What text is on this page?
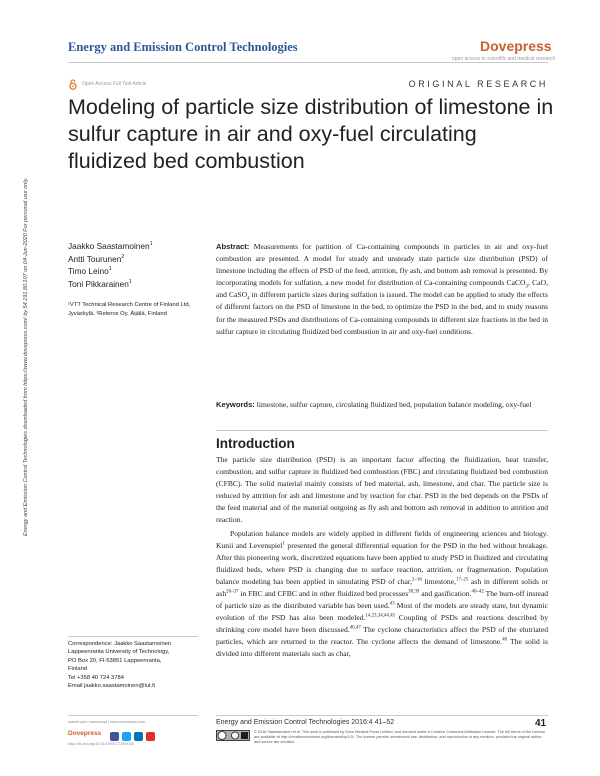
Energy and Emission Control Technologies	Dovepress
open access to scientific and medical research
Open Access Full Text Article	ORIGINAL RESEARCH
Modeling of particle size distribution of limestone in sulfur capture in air and oxy-fuel circulating fluidized bed combustion
Energy and Emission Control Technologies downloaded from https://www.dovepress.com/ by 54.191.80.107 on 04-Jun-2020 For personal use only.	Jaakko Saastamoinen$^1$
Antti Tourunen$^2$
Timo Leino$^1$
Toni Pikkarainen$^1$
¹VTT Technical Research Centre of Finland Ltd, Jyväskylä, ²Reteros Oy, Äijälä, Finland
Abstract: Measurements for partition of Ca-containing compounds in particles in air and oxy-fuel combustion are presented. A model for steady and unsteady state particle size distribution (PSD) of limestone including the effects of PSD of the feed, attrition, fly ash, and bottom ash removal is presented. By incorporating models for sulfation, a new model for distribution of Ca-containing compounds CaCO$_3$, CaO, and CaSO$_4$ in different particle sizes during sulfation is issued. The model can be applied to study the effects of different factors on the PSD of limestone in the bed, to optimize the PSD in the bed, and to study reasons for the measured PSDs and distributions of Ca-containing compounds in different size fractions in the bed in sulfur capture in circulating fluidized bed combustion in air and oxy-fuel conditions.
Keywords: limestone, sulfur capture, circulating fluidized bed, population balance modeling, oxy-fuel
Introduction

The particle size distribution (PSD) is an important factor affecting the fluidization, heat transfer, combustion, and sulfur capture in fluidized bed combustion (FBC) and circulating fluidized bed combustion (CFBC). The solid material mainly consists of bed material, ash, limestone, and char. The particle size is reduced by attrition for ash and limestone and by reaction for char. PSD in the bed depends on the PSDs of the feed material and of the material outgoing as fly ash and bottom ash removal in addition to attrition and reaction.

Population balance models are widely applied in different fields of engineering sciences and biology. Kunii and Levenspiel$^1$ presented the general differential equation for the PSD in the bed without breakage. After this pioneering work, discretized equations have been applied to study PSD in fluidized and circulating fluidized beds, where PSD is changing due to surface reaction, attrition, or fragmentation. Population balance modeling has been applied in simulating PSD of char,$^{2-16}$ limestone,$^{17-25}$ ash in different solids or ash$^{26-37}$ in FBC and CFBC and in other fluidized bed processes$^{38,39}$ and gasification.$^{40-42}$ The burn-off instead of particle size as the distributed variable has been used.$^{43}$ Most of the models are steady state, but dynamic evolution of the PSD has also been modeled.$^{14,23,34,44,45}$ Coupling of PSDs and reactions described by shrinking core model have been discussed.$^{46,47}$ The cyclone characteristics affect the PSD of the elutriated particles, which are returned to the reactor. The cyclone affects the demand of limestone.$^{48}$ The solid is divided into different materials such as char,

Correspondence: Jaakko Saastamoinen
Lappeenranta University of Technology,
PO Box 20, FI-53851 Lappeenranta,
Finland
Tel +358 40 724 3784
Email jaakko.saastamoinen@lut.fi
submit your manuscript | www.dovepress.com
Dovepress
http://dx.doi.org/10.2147/EECT.S90040
Energy and Emission Control Technologies 2016:4 41–52	41
© 2016 Saastamoinen et al. This work is published by Dove Medical Press Limited, and licensed under a Creative Commons Attribution License. The full terms of the License are available at http://creativecommons.org/licenses/by/4.0/. The license permits unrestricted use, distribution, and reproduction in any medium, provided the original author and source are credited.
